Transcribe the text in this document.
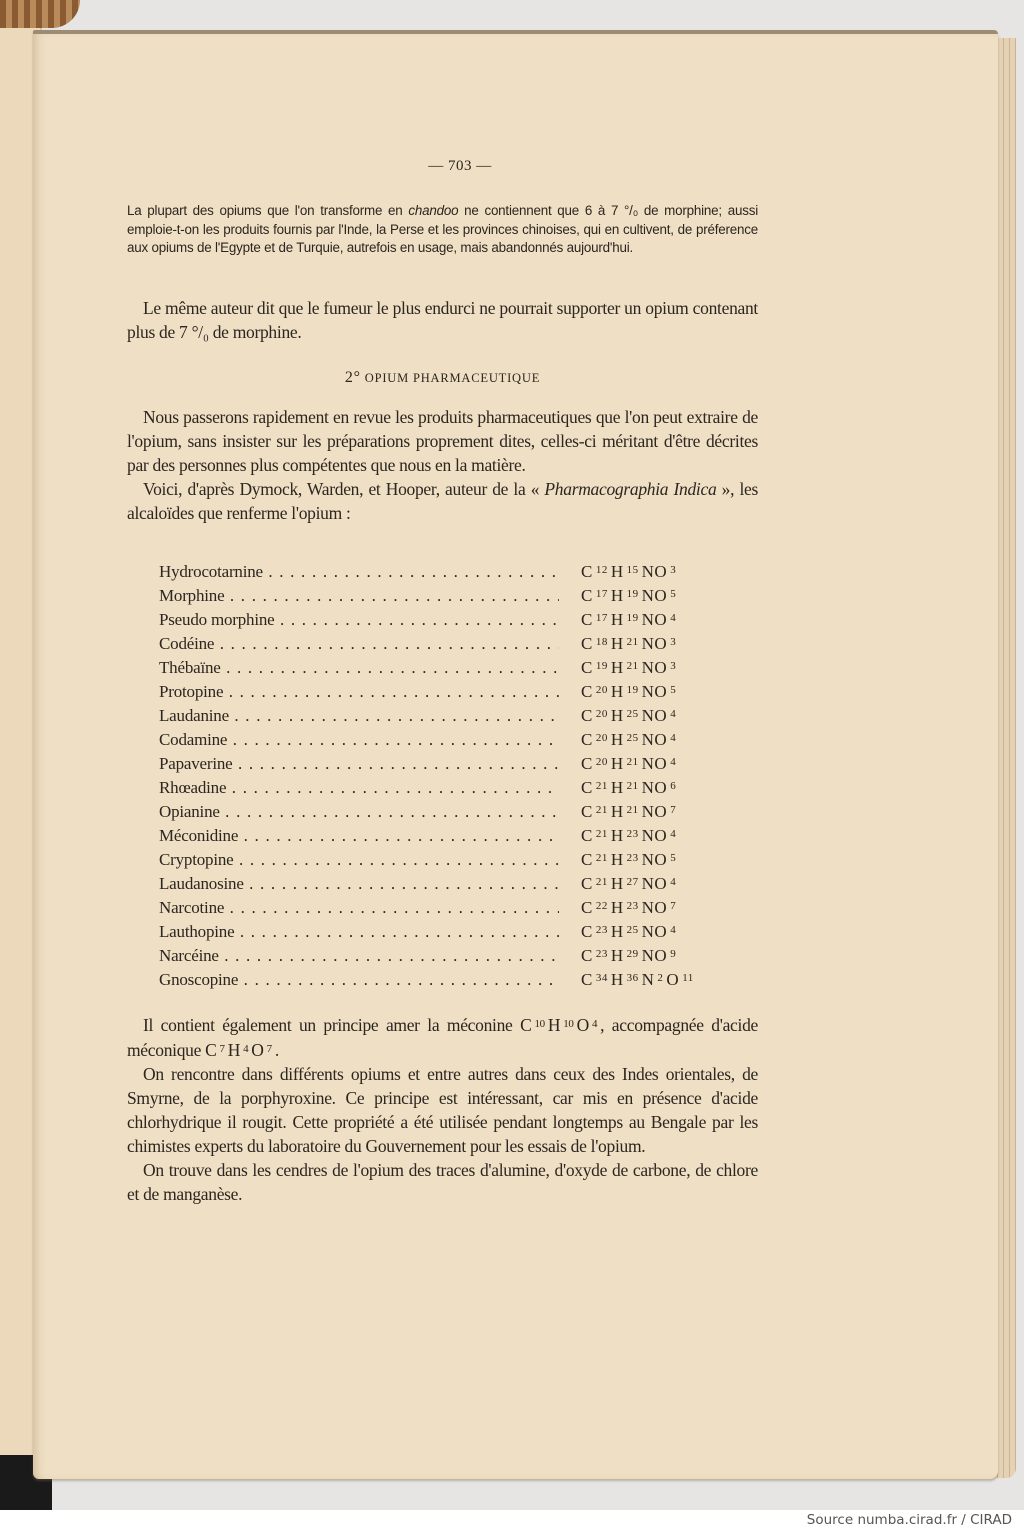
— 703 —
La plupart des opiums que l'on transforme en chandoo ne contiennent que 6 à 7 °/₀ de morphine; aussi emploie-t-on les produits fournis par l'Inde, la Perse et les provinces chinoises, qui en cultivent, de préference aux opiums de l'Egypte et de Turquie, autrefois en usage, mais abandonnés aujourd'hui.
Le même auteur dit que le fumeur le plus endurci ne pourrait supporter un opium contenant plus de 7 °/₀ de morphine.
2° OPIUM PHARMACEUTIQUE
Nous passerons rapidement en revue les produits pharmaceutiques que l'on peut extraire de l'opium, sans insister sur les préparations proprement dites, celles-ci méritant d'être décrites par des personnes plus compétentes que nous en la matière.
Voici, d'après Dymock, Warden, et Hooper, auteur de la « Pharmacographia Indica », les alcaloïdes que renferme l'opium :
Hydrocotarnine . . .	C $^{12}$ H $^{15}$ NO $^3$
Morphine . . .	C $^{17}$ H $^{19}$ NO $^5$
Pseudo morphine . . .	C $^{17}$ H $^{19}$ NO $^4$
Codéine . . .	C $^{18}$ H $^{21}$ NO $^3$
Thébaïne . . .	C $^{19}$ H $^{21}$ NO $^3$
Protopine . . .	C $^{20}$ H $^{19}$ NO $^5$
Laudanine . . .	C $^{20}$ H $^{25}$ NO $^4$
Codamine . . .	C $^{20}$ H $^{25}$ NO $^4$
Papaverine . . .	C $^{20}$ H $^{21}$ NO $^4$
Rhœadine . . .	C $^{21}$ H $^{21}$ NO $^6$
Opianine . . .	C $^{21}$ H $^{21}$ NO $^7$
Méconidine . . .	C $^{21}$ H $^{23}$ NO $^4$
Cryptopine . . .	C $^{21}$ H $^{23}$ NO $^5$
Laudanosine . . .	C $^{21}$ H $^{27}$ NO $^4$
Narcotine . . .	C $^{22}$ H $^{23}$ NO $^7$
Lauthopine . . .	C $^{23}$ H $^{25}$ NO $^4$
Narcéine . . .	C $^{23}$ H $^{29}$ NO $^9$
Gnoscopine . . .	C $^{34}$ H $^{36}$ N $^2$ O $^{11}$
Il contient également un principe amer la méconine C $^{10}$ H $^{10}$ O $^4$ , accompagnée d'acide méconique C $^7$ H $^4$ O $^7$ .
On rencontre dans différents opiums et entre autres dans ceux des Indes orientales, de Smyrne, de la porphyroxine. Ce principe est intéressant, car mis en présence d'acide chlorhydrique il rougit. Cette propriété a été utilisée pendant longtemps au Bengale par les chimistes experts du laboratoire du Gouvernement pour les essais de l'opium.
On trouve dans les cendres de l'opium des traces d'alumine, d'oxyde de carbone, de chlore et de manganèse.
Source numba.cirad.fr / CIRAD
